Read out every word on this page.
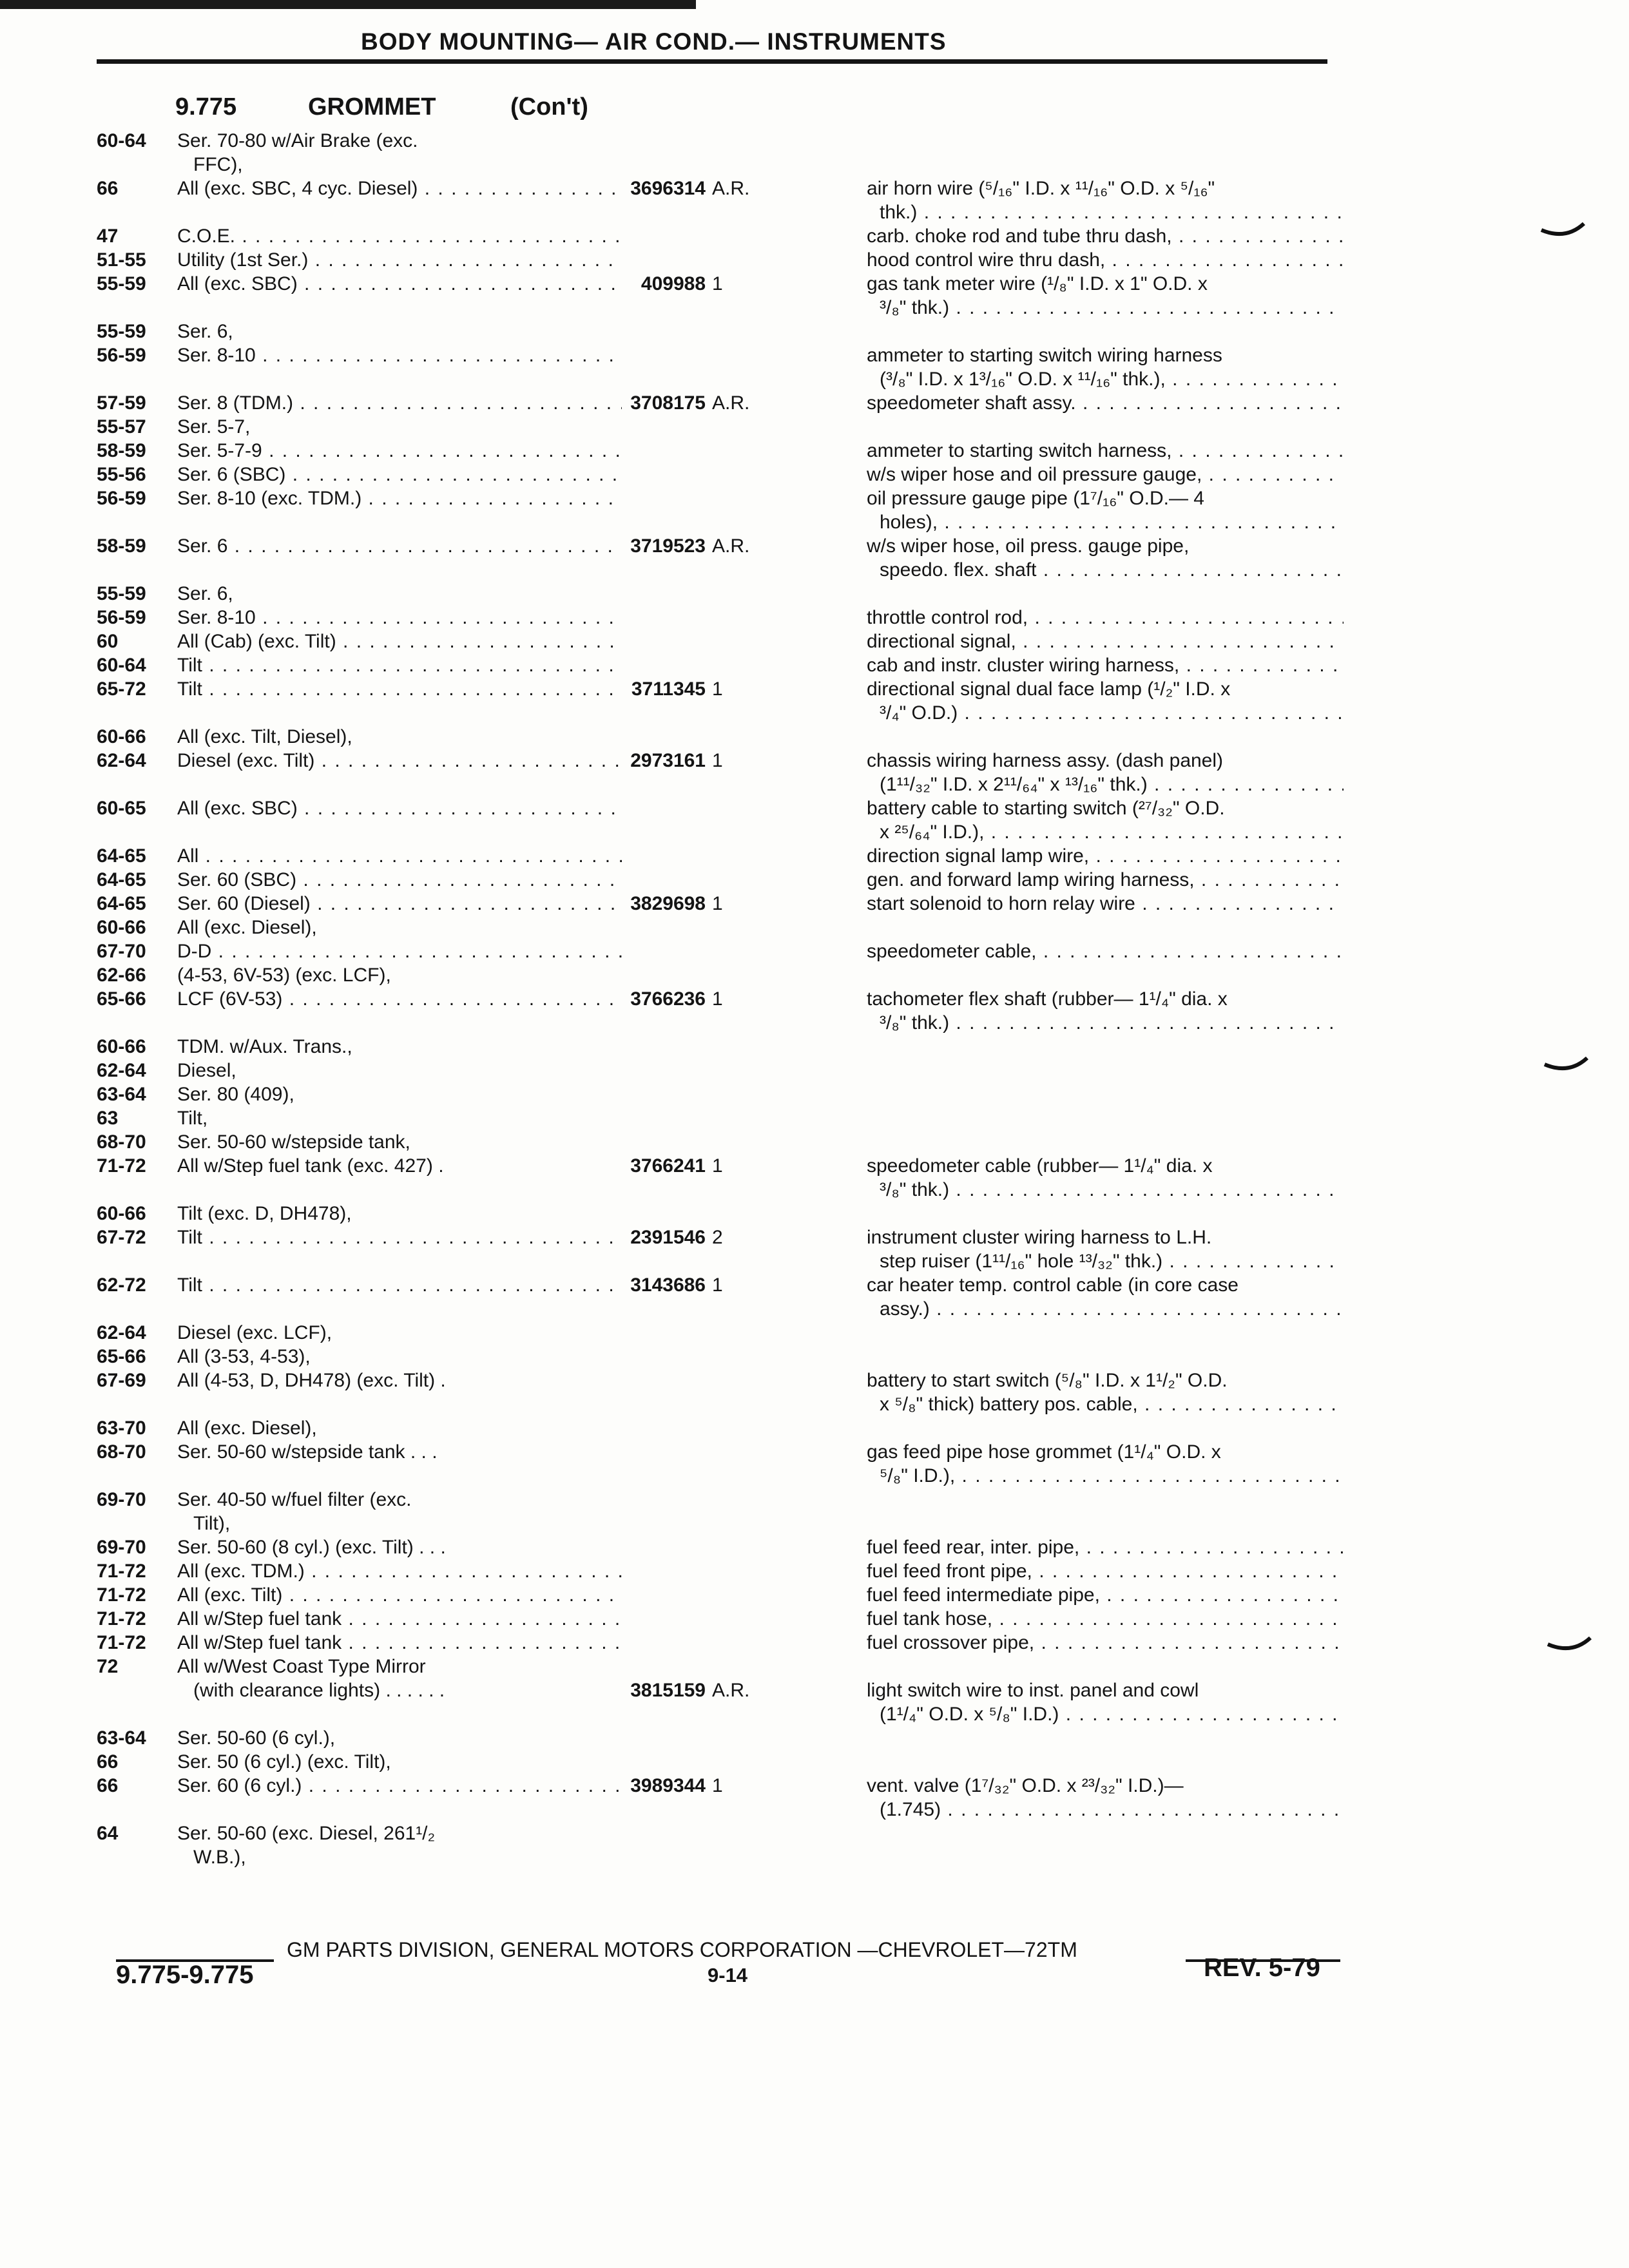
BODY MOUNTING— AIR COND.— INSTRUMENTS
9.775	GROMMET	(Con't)
60-64	Ser. 70-80 w/Air Brake (exc.
FFC),
66	All (exc. SBC, 4 cyc. Diesel) . . .	3696314 A.R.	air horn wire (⁵/₁₆" I.D. x ¹¹/₁₆" O.D. x ⁵/₁₆"
thk.) . . .
47	C.O.E. . . .	carb. choke rod and tube thru dash, . . .
51-55	Utility (1st Ser.) . . .	hood control wire thru dash, . . .
55-59	All (exc. SBC) . . .	409988 1	gas tank meter wire (¹/₈" I.D. x 1" O.D. x
³/₈" thk.) . . .
55-59	Ser. 6,
56-59	Ser. 8-10 . . .	ammeter to starting switch wiring harness
(³/₈" I.D. x 1³/₁₆" O.D. x ¹¹/₁₆" thk.), . . .
57-59	Ser. 8 (TDM.) . . .	3708175 A.R.	speedometer shaft assy. . . .
55-57	Ser. 5-7,
58-59	Ser. 5-7-9 . . .	ammeter to starting switch harness, . . .
55-56	Ser. 6 (SBC) . . .	w/s wiper hose and oil pressure gauge, . . .
56-59	Ser. 8-10 (exc. TDM.) . . .	oil pressure gauge pipe (1⁷/₁₆" O.D.— 4
holes), . . .
58-59	Ser. 6 . . .	3719523 A.R.	w/s wiper hose, oil press. gauge pipe,
speedo. flex. shaft . . .
55-59	Ser. 6,
56-59	Ser. 8-10 . . .	throttle control rod, . . .
60	All (Cab) (exc. Tilt) . . .	directional signal, . . .
60-64	Tilt . . .	cab and instr. cluster wiring harness, . . .
65-72	Tilt . . .	3711345 1	directional signal dual face lamp (¹/₂" I.D. x
³/₄" O.D.) . . .
60-66	All (exc. Tilt, Diesel),
62-64	Diesel (exc. Tilt) . . .	2973161 1	chassis wiring harness assy. (dash panel)
(1¹¹/₃₂" I.D. x 2¹¹/₆₄" x ¹³/₁₆" thk.) . . .
60-65	All (exc. SBC) . . .	battery cable to starting switch (²⁷/₃₂" O.D.
x ²⁵/₆₄" I.D.), . . .
64-65	All . . .	direction signal lamp wire, . . .
64-65	Ser. 60 (SBC) . . .	gen. and forward lamp wiring harness, . . .
64-65	Ser. 60 (Diesel) . . .	3829698 1	start solenoid to horn relay wire . . .
60-66	All (exc. Diesel),
67-70	D-D . . .	speedometer cable, . . .
62-66	(4-53, 6V-53) (exc. LCF),
65-66	LCF (6V-53) . . .	3766236 1	tachometer flex shaft (rubber— 1¹/₄" dia. x
³/₈" thk.) . . .
60-66	TDM. w/Aux. Trans.,
62-64	Diesel,
63-64	Ser. 80 (409),
63	Tilt,
68-70	Ser. 50-60 w/stepside tank,
71-72	All w/Step fuel tank (exc. 427) .	3766241 1	speedometer cable (rubber— 1¹/₄" dia. x
³/₈" thk.) . . .
60-66	Tilt (exc. D, DH478),
67-72	Tilt . . .	2391546 2	instrument cluster wiring harness to L.H.
step ruiser (1¹¹/₁₆" hole ¹³/₃₂" thk.) . . .
62-72	Tilt . . .	3143686 1	car heater temp. control cable (in core case
assy.) . . .
62-64	Diesel (exc. LCF),
65-66	All (3-53, 4-53),
67-69	All (4-53, D, DH478) (exc. Tilt) .	battery to start switch (⁵/₈" I.D. x 1¹/₂" O.D.
x ⁵/₈" thick) battery pos. cable, . . .
63-70	All (exc. Diesel),
68-70	Ser. 50-60 w/stepside tank . . .	gas feed pipe hose grommet (1¹/₄" O.D. x
⁵/₈" I.D.), . . .
69-70	Ser. 40-50 w/fuel filter (exc.
Tilt),
69-70	Ser. 50-60 (8 cyl.) (exc. Tilt) . . .	fuel feed rear, inter. pipe, . . .
71-72	All (exc. TDM.) . . .	fuel feed front pipe, . . .
71-72	All (exc. Tilt) . . .	fuel feed intermediate pipe, . . .
71-72	All w/Step fuel tank . . .	fuel tank hose, . . .
71-72	All w/Step fuel tank . . .	fuel crossover pipe, . . .
72	All w/West Coast Type Mirror
(with clearance lights) . . . . . .	3815159 A.R.	light switch wire to inst. panel and cowl
(1¹/₄" O.D. x ⁵/₈" I.D.) . . .
63-64	Ser. 50-60 (6 cyl.),
66	Ser. 50 (6 cyl.) (exc. Tilt),
66	Ser. 60 (6 cyl.) . . .	3989344 1	vent. valve (1⁷/₃₂" O.D. x ²³/₃₂" I.D.)—
(1.745) . . .
64	Ser. 50-60 (exc. Diesel, 261¹/₂
W.B.),
GM PARTS DIVISION, GENERAL MOTORS CORPORATION —CHEVROLET—72TM
9.775-9.775	9-14	REV. 5-79
